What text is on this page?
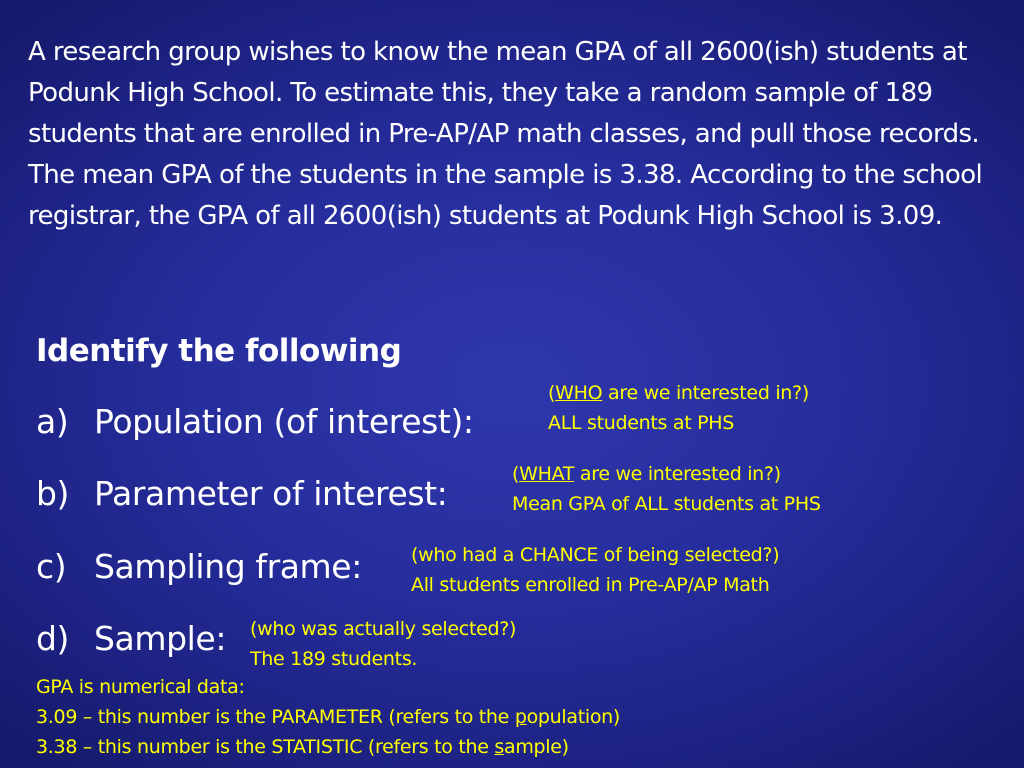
A research group wishes to know the mean GPA of all 2600(ish) students at Podunk High School. To estimate this, they take a random sample of 189 students that are enrolled in Pre-AP/AP math classes, and pull those records. The mean GPA of the students in the sample is 3.38. According to the school registrar, the GPA of all 2600(ish) students at Podunk High School is 3.09.
Identify the following
a) Population (of interest):
b) Parameter of interest:
c) Sampling frame:
d) Sample:
(WHO are we interested in?)
ALL students at PHS
(WHAT are we interested in?)
Mean GPA of ALL students at PHS
(who had a CHANCE of being selected?)
All students enrolled in Pre-AP/AP Math
(who was actually selected?)
The 189 students.
GPA is numerical data:
3.09 – this number is the PARAMETER (refers to the population)
3.38 – this number is the STATISTIC (refers to the sample)
